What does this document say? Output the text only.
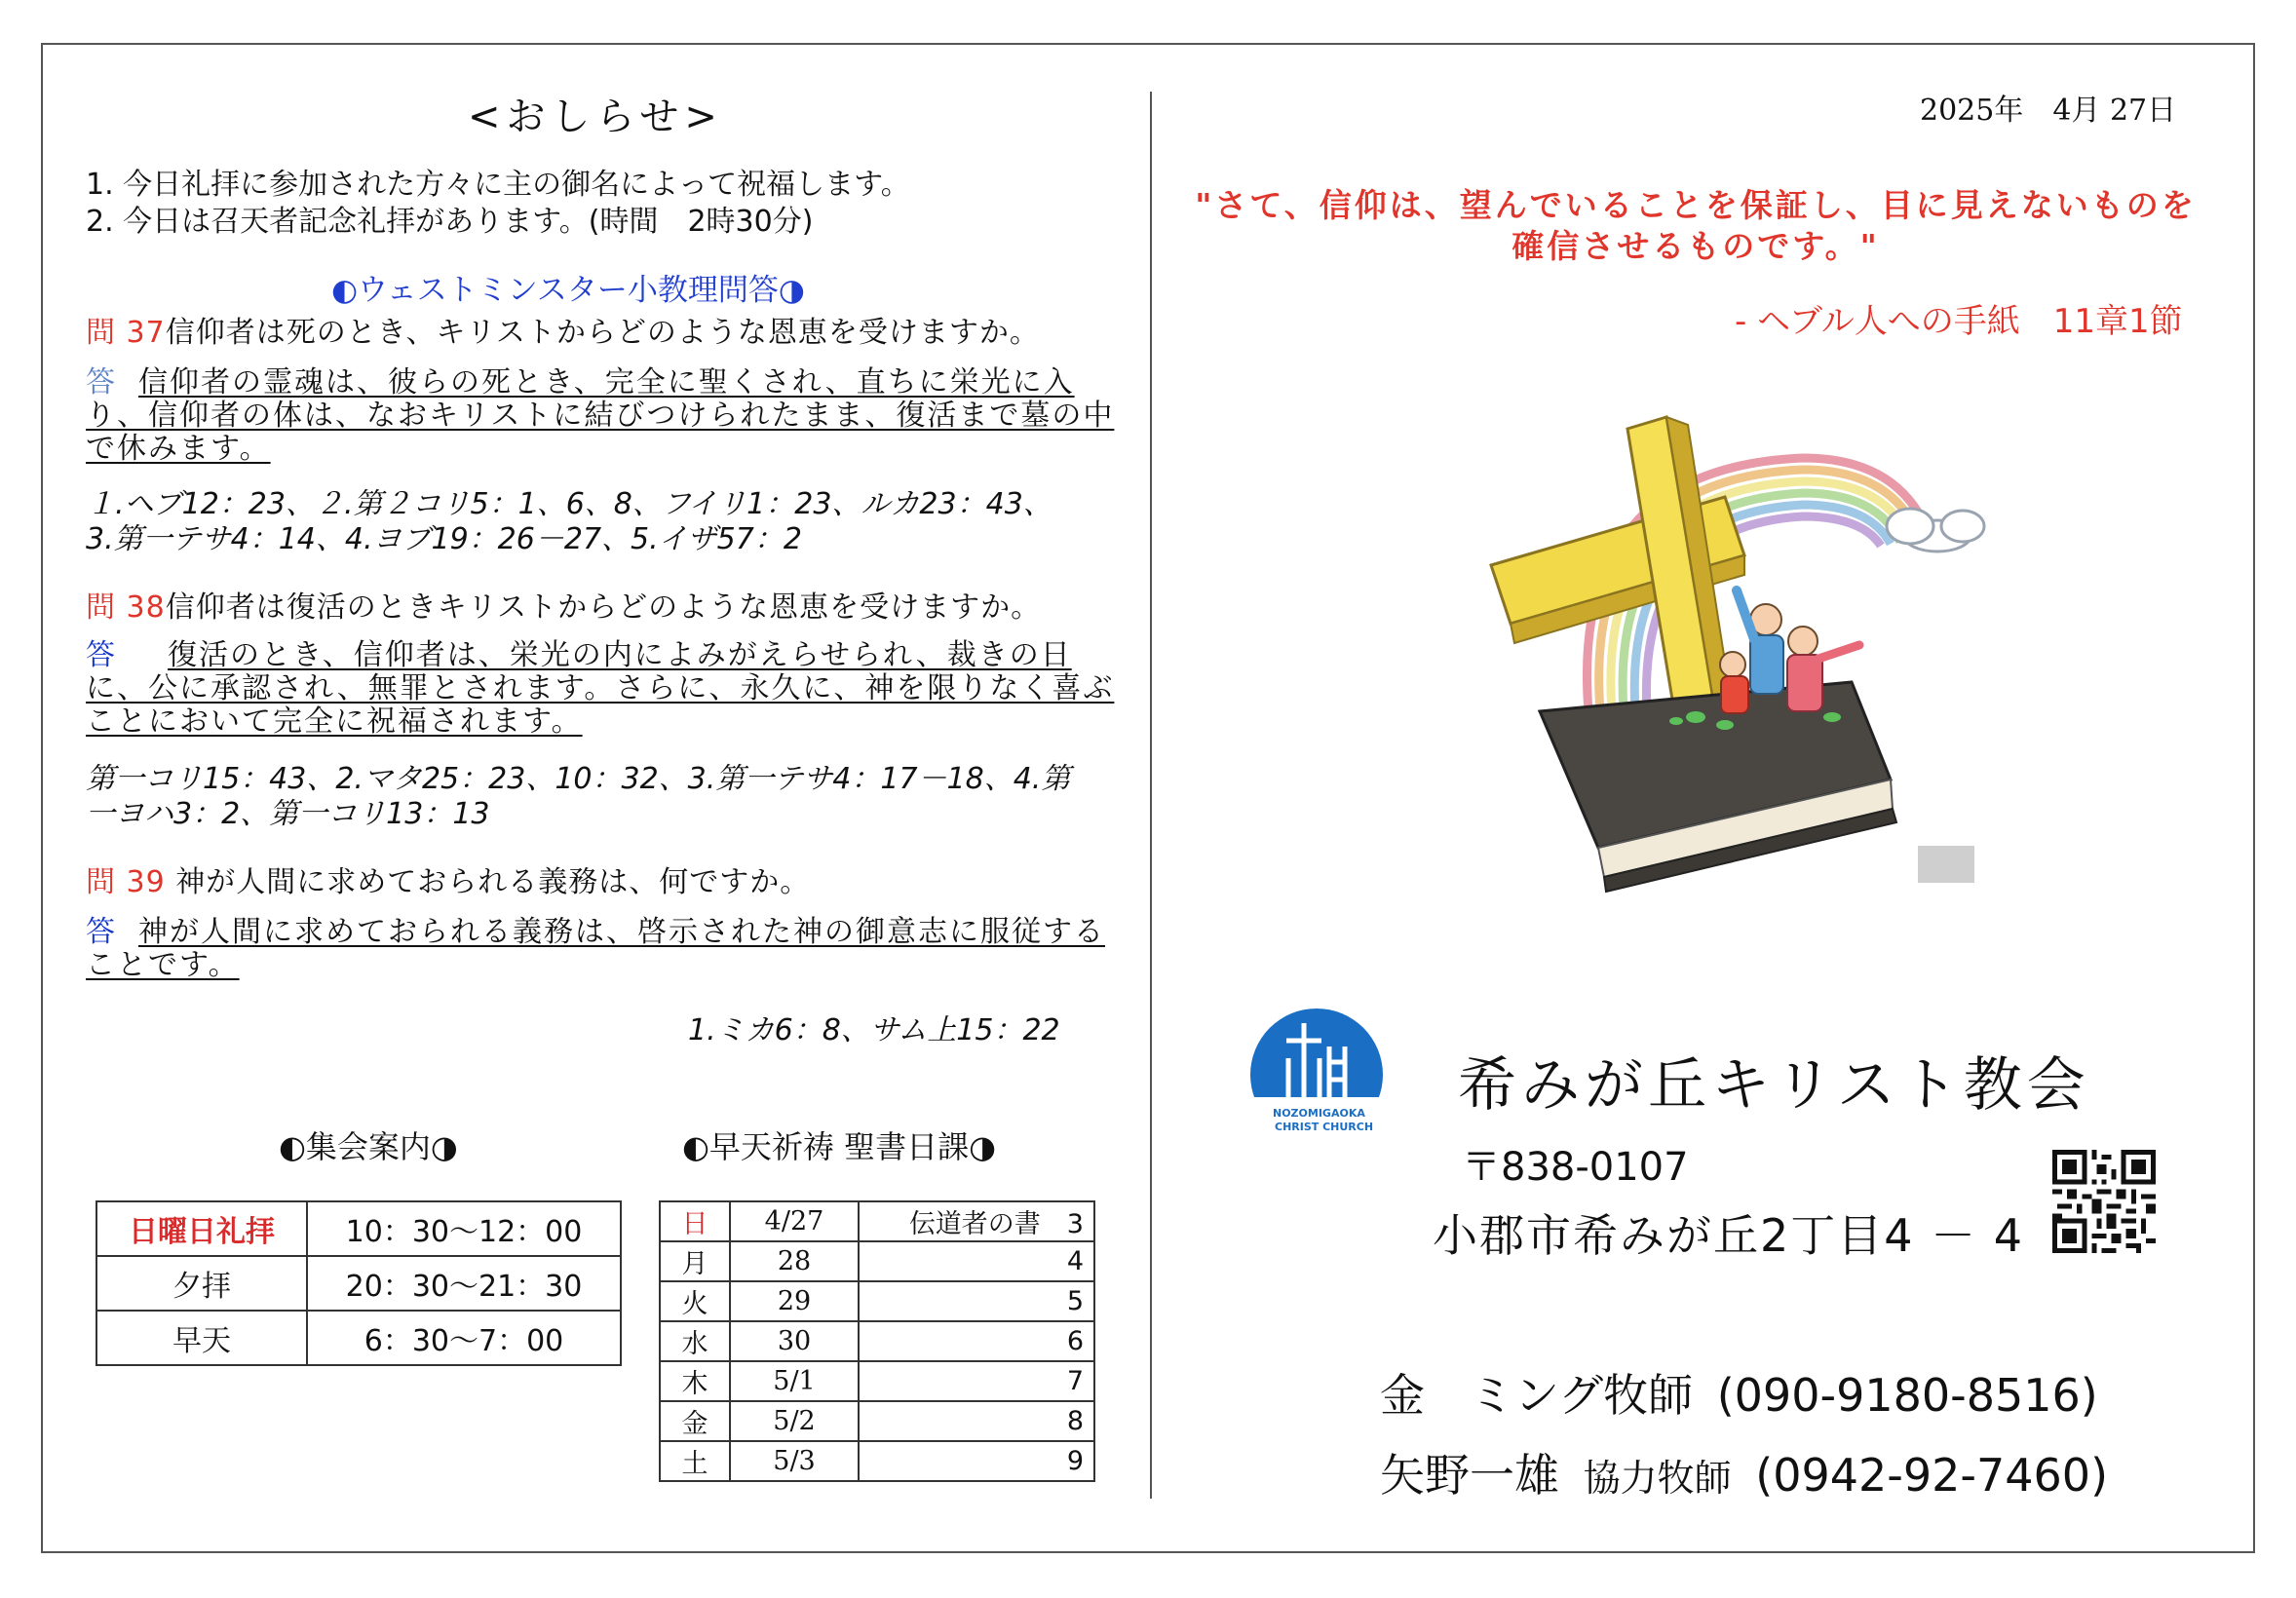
<おしらせ>
1. 今日礼拝に参加された方々に主の御名によって祝福します。
2. 今日は召天者記念礼拝があります。(時間　2時30分)
◐ウェストミンスター小教理問答◑
問 37信仰者は死のとき、キリストからどのような恩恵を受けますか。
答 信仰者の霊魂は、彼らの死とき、完全に聖くされ、直ちに栄光に入り、信仰者の体は、なおキリストに結びつけられたまま、復活まで墓の中で休みます。
１.ヘブ12：23、２.第２コリ5：1、6、8、フイリ1：23、ルカ23：43、
3.第一テサ4：14、4.ヨブ19：26－27、5.イザ57：2
問 38信仰者は復活のときキリストからどのような恩恵を受けますか。
答 復活のとき、信仰者は、栄光の内によみがえらせられ、裁きの日に、公に承認され、無罪とされます。さらに、永久に、神を限りなく喜ぶことにおいて完全に祝福されます。
第一コリ15：43、2.マタ25：23、10：32、3.第一テサ4：17－18、4.第
一ヨハ3：2、第一コリ13：13
問 39 神が人間に求めておられる義務は、何ですか。
答 神が人間に求めておられる義務は、啓示された神の御意志に服従することです。
1.ミカ6：8、サム上15：22
◐集会案内◑	◐早天祈祷 聖書日課◑
日曜日礼拝	10：30～12：00
夕拝	20：30～21：30
早天	6：30～7：00
日	4/27	伝道者の書　3
月	28	4
火	29	5
水	30	6
木	5/1	7
金	5/2	8
土	5/3	9
2025年　4月 27日
"さて、信仰は、望んでいることを保証し、目に見えないものを
確信させるものです。"
- ヘブル人への手紙　11章1節
NOZOMIGAOKA
CHRIST CHURCH
希みが丘キリスト教会
〒838-0107
小郡市希みが丘2丁目4 － 4
金　ミング牧師 (090-9180-8516)
矢野一雄 協力牧師 (0942-92-7460)
